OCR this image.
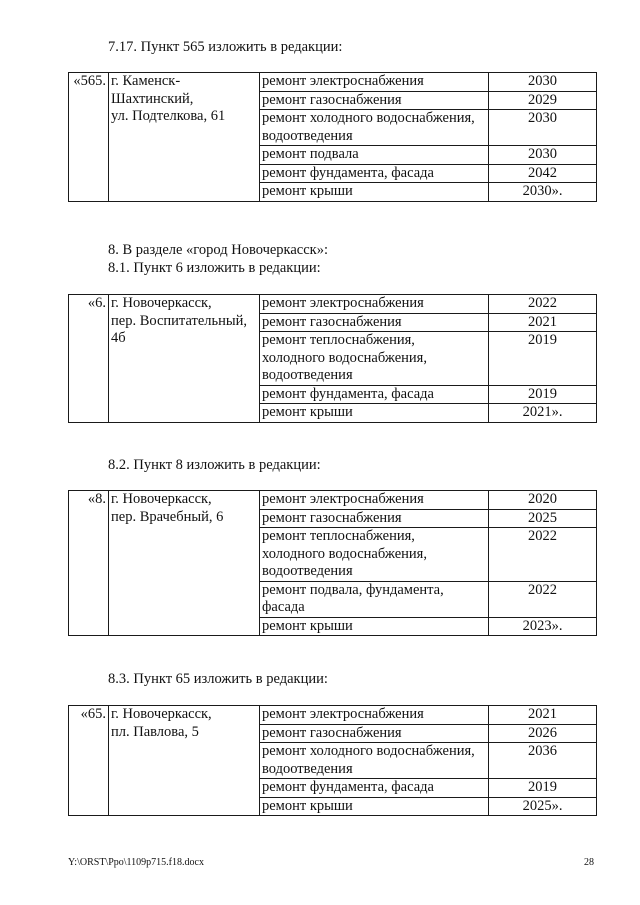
7.17. Пункт 565 изложить в редакции:
«565.	г. Каменск-
Шахтинский,
ул. Подтелкова, 61	ремонт электроснабжения	2030

		ремонт газоснабжения	2029

		ремонт холодного водоснабжения,
водоотведения	2030

		ремонт подвала	2030

		ремонт фундамента, фасада	2042

		ремонт крыши	2030».
8. В разделе «город Новочеркасск»:
8.1. Пункт 6 изложить в редакции:
«6.	г. Новочеркасск,
пер. Воспитательный,
4б	ремонт электроснабжения	2022

		ремонт газоснабжения	2021

		ремонт теплоснабжения,
холодного водоснабжения,
водоотведения	2019

		ремонт фундамента, фасада	2019

		ремонт крыши	2021».
8.2. Пункт 8 изложить в редакции:
«8.	г. Новочеркасск,
пер. Врачебный, 6	ремонт электроснабжения	2020

		ремонт газоснабжения	2025

		ремонт теплоснабжения,
холодного водоснабжения,
водоотведения	2022

		ремонт подвала, фундамента,
фасада	2022

		ремонт крыши	2023».
8.3. Пункт 65 изложить в редакции:
«65.	г. Новочеркасск,
пл. Павлова, 5	ремонт электроснабжения	2021

		ремонт газоснабжения	2026

		ремонт холодного водоснабжения,
водоотведения	2036

		ремонт фундамента, фасада	2019

		ремонт крыши	2025».
Y:\ORST\Ppo\1109p715.f18.docx	28
